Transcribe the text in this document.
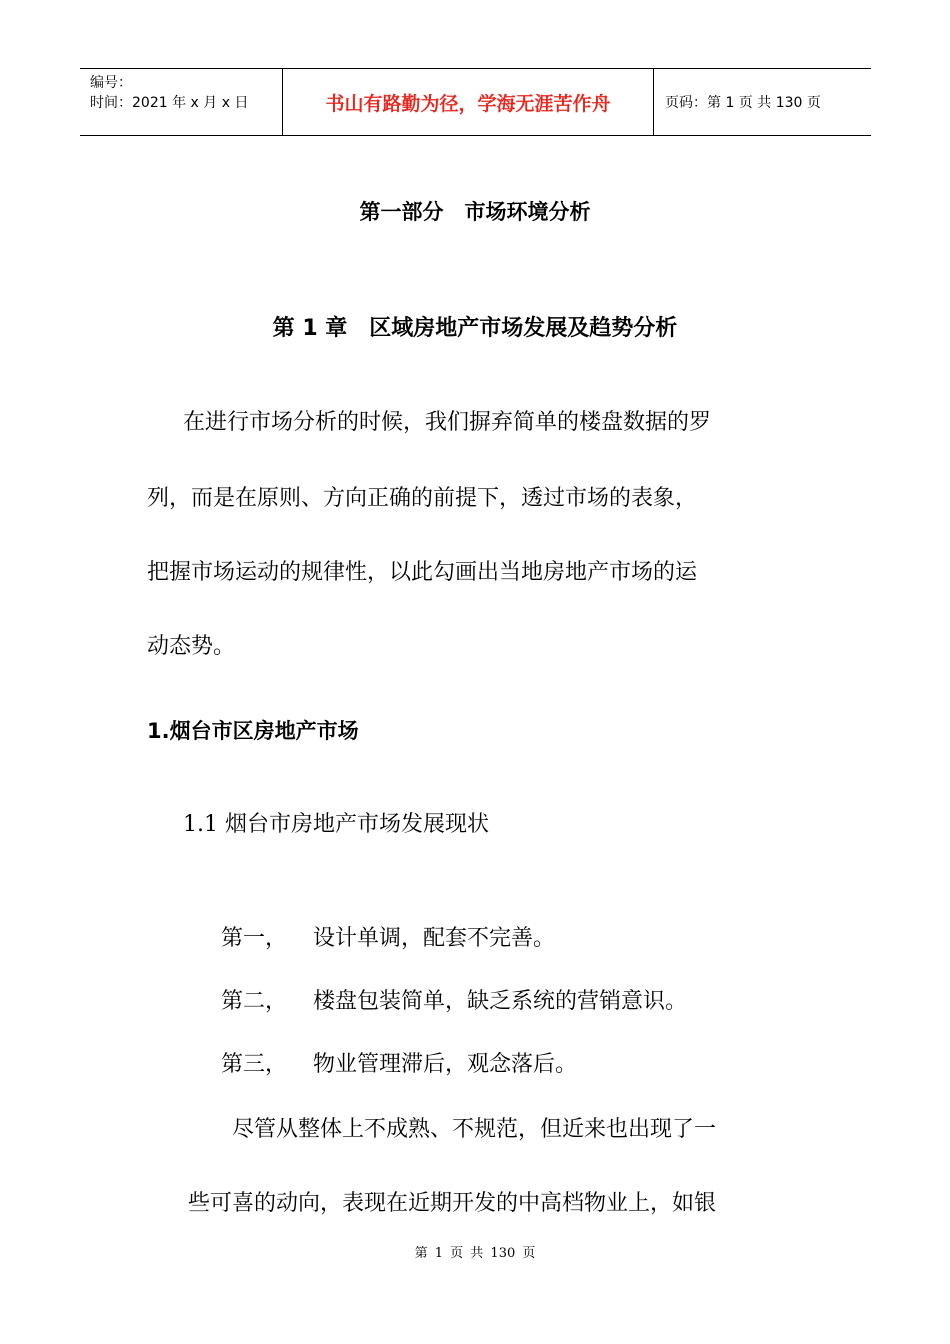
编号：
时间：2021 年 x 月 x 日	书山有路勤为径，学海无涯苦作舟	页码：第 1 页 共 130 页
第一部分　市场环境分析
第 1 章　区域房地产市场发展及趋势分析
在进行市场分析的时候，我们摒弃简单的楼盘数据的罗
列，而是在原则、方向正确的前提下，透过市场的表象，
把握市场运动的规律性，以此勾画出当地房地产市场的运
动态势。
1.烟台市区房地产市场
1.1 烟台市房地产市场发展现状
第一， 设计单调，配套不完善。
第二， 楼盘包装简单，缺乏系统的营销意识。
第三， 物业管理滞后，观念落后。
尽管从整体上不成熟、不规范，但近来也出现了一
些可喜的动向，表现在近期开发的中高档物业上，如银
第 1 页 共 130 页
